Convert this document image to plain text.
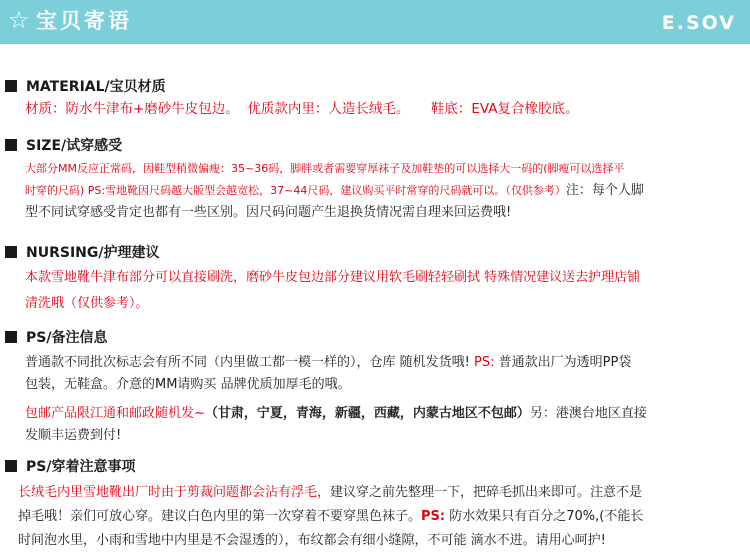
☆ 宝贝寄语	E.SOV
MATERIAL/宝贝材质
材质：防水牛津布+磨砂牛皮包边。  优质款内里：人造长绒毛。     鞋底：EVA复合橡胶底。
SIZE/试穿感受
大部分MM反应正常码，因鞋型稍微偏瘦：35~36码，脚胖或者需要穿厚袜子及加鞋垫的可以选择大一码的(脚瘦可以选择平
时穿的尺码) PS:雪地靴因尺码越大版型会越宽松，37~44尺码，建议购买平时常穿的尺码就可以。（仅供参考）注：每个人脚
型不同试穿感受肯定也都有一些区别。因尺码问题产生退换货情况需自理来回运费哦!
NURSING/护理建议
本款雪地靴牛津布部分可以直接刷洗，磨砂牛皮包边部分建议用软毛刷轻轻刷拭 特殊情况建议送去护理店铺
清洗哦（仅供参考）。
PS/备注信息
普通款不同批次标志会有所不同（内里做工都一模一样的），仓库 随机发货哦! PS: 普通款出厂为透明PP袋
包装，无鞋盒。介意的MM请购买 品牌优质加厚毛的哦。
包邮产品限江通和邮政随机发~（甘肃，宁夏，青海，新疆，西藏，内蒙古地区不包邮）另：港澳台地区直接
发顺丰运费到付!
PS/穿着注意事项
长绒毛内里雪地靴出厂时由于剪裁问题都会沾有浮毛，建议穿之前先整理一下，把碎毛抓出来即可。注意不是
掉毛哦！亲们可放心穿。建议白色内里的第一次穿着不要穿黑色袜子。PS: 防水效果只有百分之70%,(不能长
时间泡水里，小雨和雪地中内里是不会湿透的），布纹都会有细小缝隙，不可能 滴水不进。请用心呵护!
